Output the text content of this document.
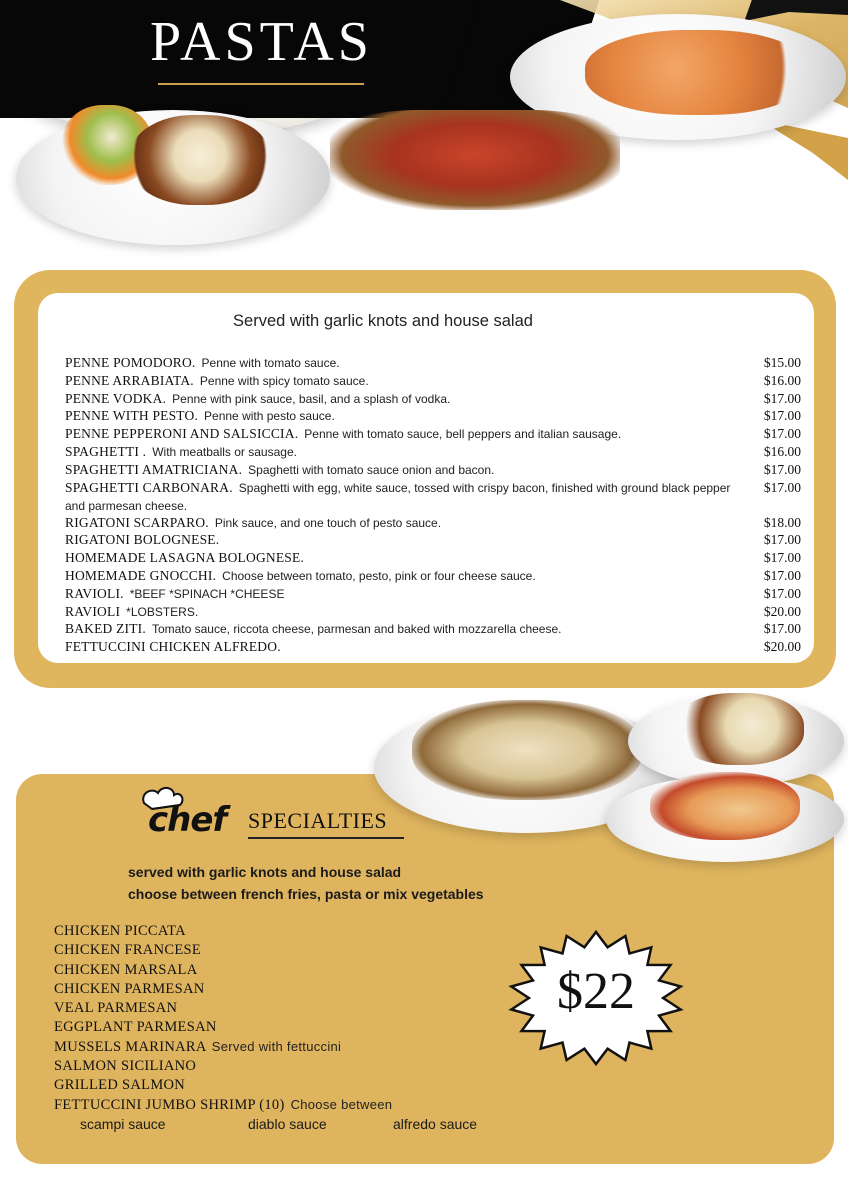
PASTAS
Served with garlic knots and house salad
PENNE POMODORO. Penne with tomato sauce.	$15.00
PENNE ARRABIATA. Penne with spicy tomato sauce.	$16.00
PENNE VODKA. Penne with pink sauce, basil, and a splash of vodka.	$17.00
PENNE WITH PESTO. Penne with pesto sauce.	$17.00
PENNE PEPPERONI AND SALSICCIA. Penne with tomato sauce, bell peppers and italian sausage.	$17.00
SPAGHETTI . With meatballs or sausage.	$16.00
SPAGHETTI AMATRICIANA. Spaghetti with tomato sauce onion and bacon.	$17.00
SPAGHETTI CARBONARA. Spaghetti with egg, white sauce, tossed with crispy bacon, finished with ground black pepper and parmesan cheese.
$17.00
RIGATONI SCARPARO. Pink sauce, and one touch of pesto sauce.	$18.00
RIGATONI BOLOGNESE.	$17.00
HOMEMADE LASAGNA BOLOGNESE.	$17.00
HOMEMADE GNOCCHI. Choose between tomato, pesto, pink or four cheese sauce.	$17.00
RAVIOLI. *BEEF *SPINACH *CHEESE	$17.00
RAVIOLI *LOBSTERS.	$20.00
BAKED ZITI. Tomato sauce, riccota cheese, parmesan and baked with mozzarella cheese.	$17.00
FETTUCCINI CHICKEN ALFREDO.	$20.00
chef SPECIALTIES
served with garlic knots and house salad
choose between french fries, pasta or mix vegetables
CHICKEN PICCATA
CHICKEN FRANCESE
CHICKEN MARSALA
CHICKEN PARMESAN
VEAL PARMESAN
EGGPLANT PARMESAN
MUSSELS MARINARA Served with fettuccini
SALMON SICILIANO
GRILLED SALMON
FETTUCCINI JUMBO SHRIMP (10) Choose between
scampi sauce	diablo sauce	alfredo sauce
$22
